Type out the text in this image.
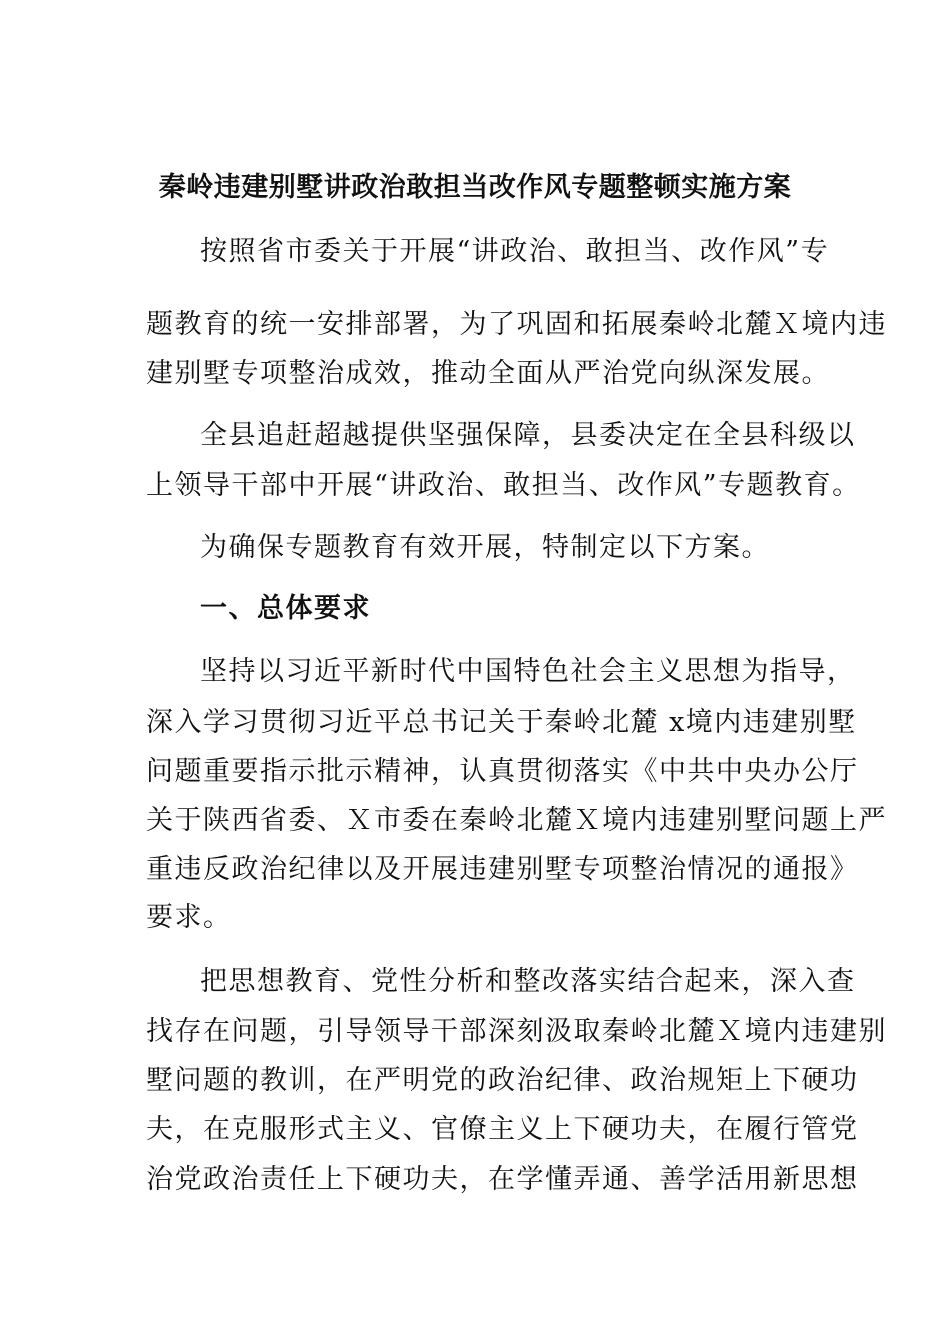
秦岭违建别墅讲政治敢担当改作风专题整顿实施方案

按照省市委关于开展“讲政治、敢担当、改作风”专

题教育的统一安排部署，为了巩固和拓展秦岭北麓Ｘ境内违

建别墅专项整治成效，推动全面从严治党向纵深发展。

全县追赶超越提供坚强保障，县委决定在全县科级以

上领导干部中开展“讲政治、敢担当、改作风”专题教育。

为确保专题教育有效开展，特制定以下方案。

一、总体要求

坚持以习近平新时代中国特色社会主义思想为指导，

深入学习贯彻习近平总书记关于秦岭北麓 x境内违建别墅

问题重要指示批示精神，认真贯彻落实《中共中央办公厅

关于陕西省委、Ｘ市委在秦岭北麓Ｘ境内违建别墅问题上严

重违反政治纪律以及开展违建别墅专项整治情况的通报》

要求。

把思想教育、党性分析和整改落实结合起来，深入查

找存在问题，引导领导干部深刻汲取秦岭北麓Ｘ境内违建别

墅问题的教训，在严明党的政治纪律、政治规矩上下硬功

夫，在克服形式主义、官僚主义上下硬功夫，在履行管党

治党政治责任上下硬功夫，在学懂弄通、善学活用新思想
